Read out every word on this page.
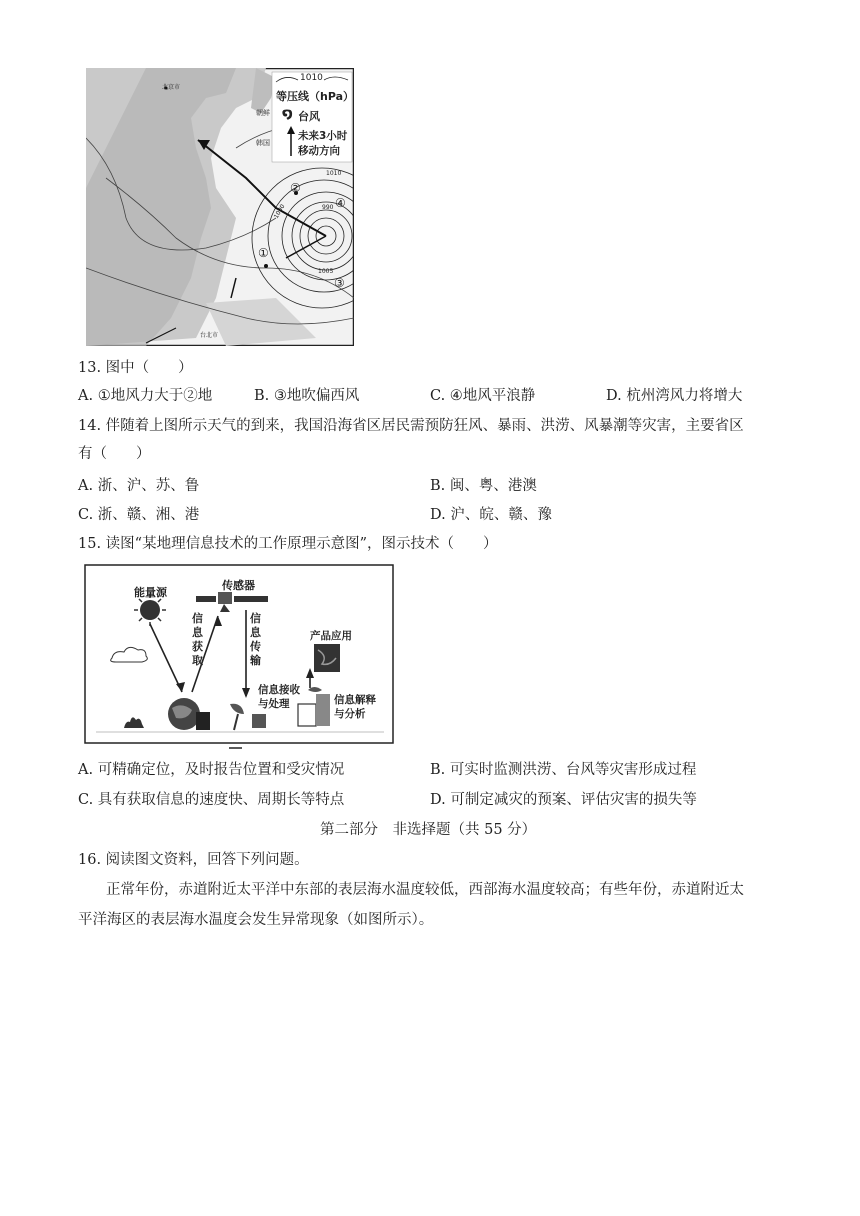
1010
等压线（hPa）
໑ 台风
未来3小时
移动方向
北京市
朝鲜
韩国
台北市
1010
1000	990
1005
①
②
③
④
13. 图中（　　）
A. ①地风力大于②地	B. ③地吹偏西风	C. ④地风平浪静	D. 杭州湾风力将增大
14. 伴随着上图所示天气的到来，我国沿海省区居民需预防狂风、暴雨、洪涝、风暴潮等灾害，主要省区
有（　　）
A. 浙、沪、苏、鲁	B. 闽、粤、港澳
C. 浙、赣、湘、港	D. 沪、皖、赣、豫
15. 读图“某地理信息技术的工作原理示意图”，图示技术（　　）
能量源
传感器
信
息
获
取
信
息
传
输
产品应用
信息接收
与处理	信息解释
与分析
A. 可精确定位，及时报告位置和受灾情况	B. 可实时监测洪涝、台风等灾害形成过程
C. 具有获取信息的速度快、周期长等特点	D. 可制定减灾的预案、评估灾害的损失等
第二部分　非选择题（共 55 分）
16. 阅读图文资料，回答下列问题。
正常年份，赤道附近太平洋中东部的表层海水温度较低，西部海水温度较高；有些年份，赤道附近太
平洋海区的表层海水温度会发生异常现象（如图所示）。
